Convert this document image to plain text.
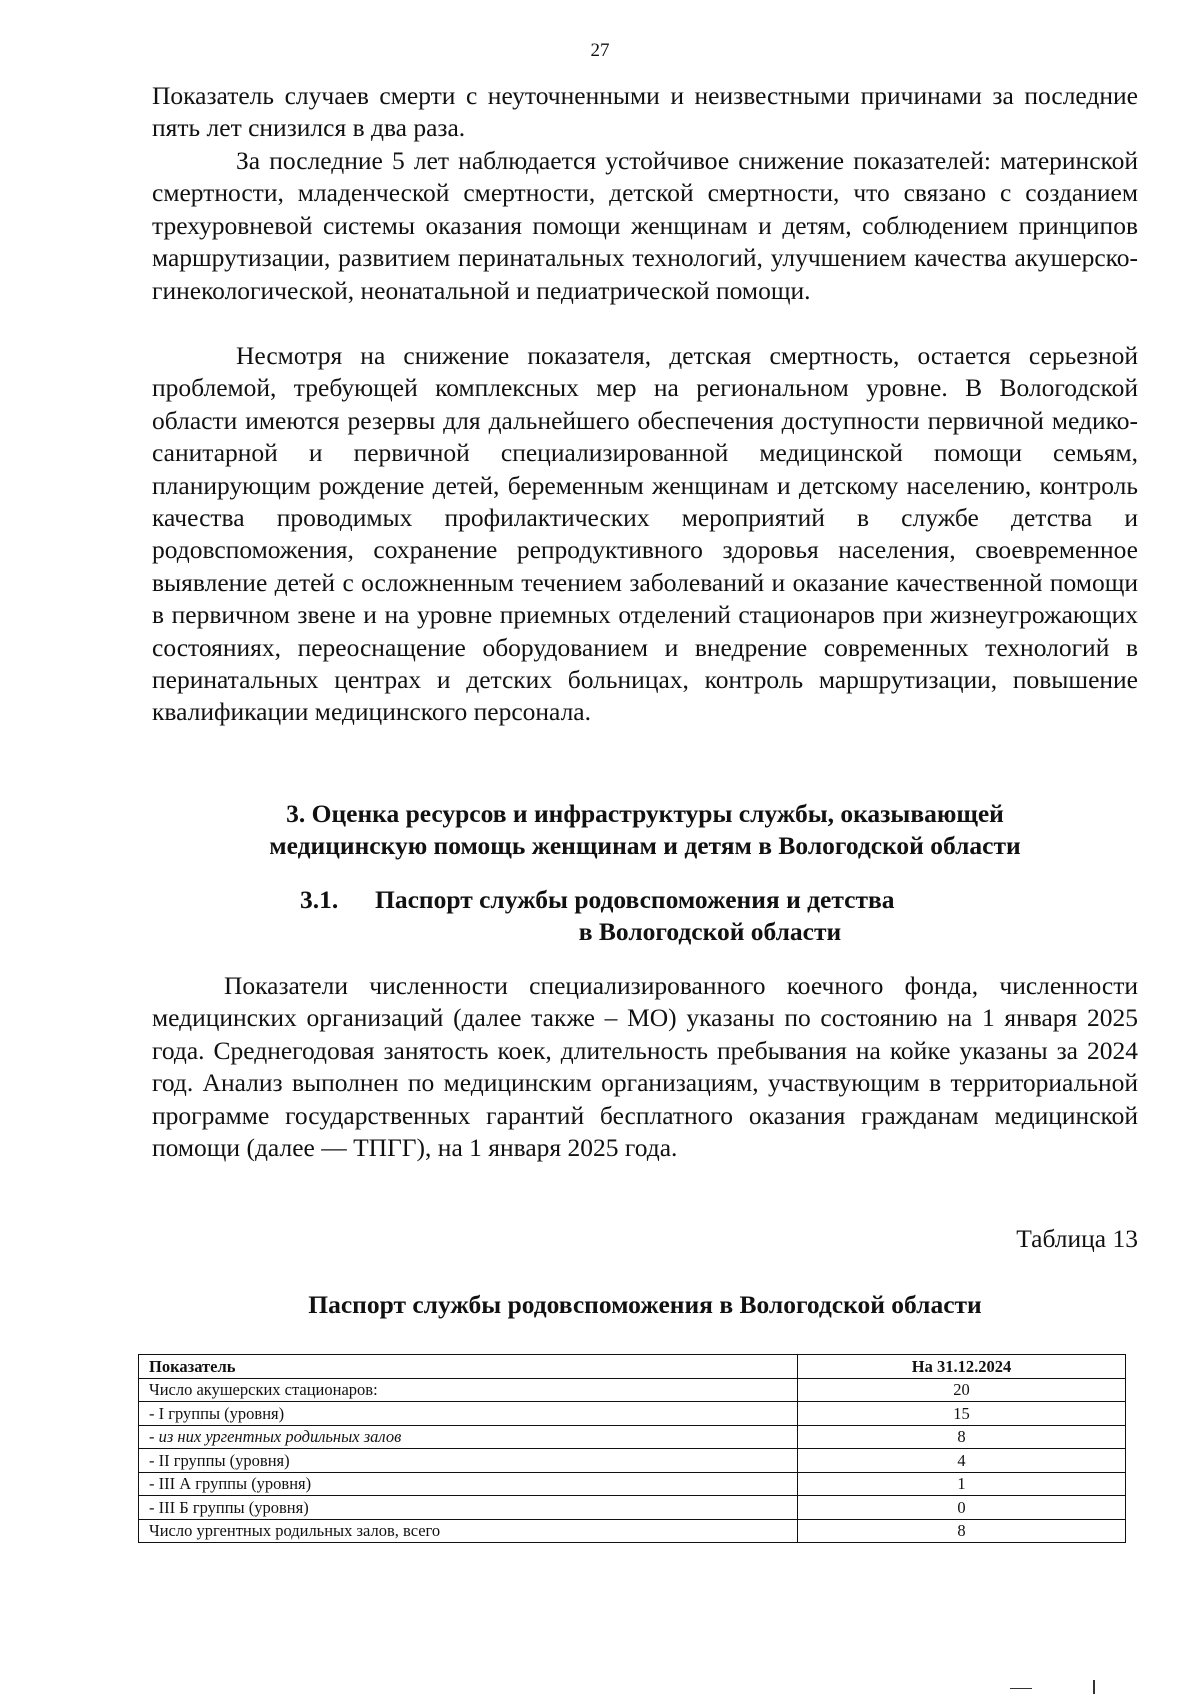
27

Показатель случаев смерти с неуточненными и неизвестными причинами за последние пять лет снизился в два раза.

За последние 5 лет наблюдается устойчивое снижение показателей: материнской смертности, младенческой смертности, детской смертности, что связано с созданием трехуровневой системы оказания помощи женщинам и детям, соблюдением принципов маршрутизации, развитием перинатальных технологий, улучшением качества акушерско-гинекологической, неонатальной и педиатрической помощи.

Несмотря на снижение показателя, детская смертность, остается серьезной проблемой, требующей комплексных мер на региональном уровне. В Вологодской области имеются резервы для дальнейшего обеспечения доступности первичной медико-санитарной и первичной специализированной медицинской помощи семьям, планирующим рождение детей, беременным женщинам и детскому населению, контроль качества проводимых профилактических мероприятий в службе детства и родовспоможения, сохранение репродуктивного здоровья населения, своевременное выявление детей с осложненным течением заболеваний и оказание качественной помощи в первичном звене и на уровне приемных отделений стационаров при жизнеугрожающих состояниях, переоснащение оборудованием и внедрение современных технологий в перинатальных центрах и детских больницах, контроль маршрутизации, повышение квалификации медицинского персонала.

3. Оценка ресурсов и инфраструктуры службы, оказывающей
медицинскую помощь женщинам и детям в Вологодской области
3.1. Паспорт службы родовспоможения и детства
в Вологодской области

Показатели численности специализированного коечного фонда, численности медицинских организаций (далее также – МО) указаны по состоянию на 1 января 2025 года. Среднегодовая занятость коек, длительность пребывания на койке указаны за 2024 год. Анализ выполнен по медицинским организациям, участвующим в территориальной программе государственных гарантий бесплатного оказания гражданам медицинской помощи (далее — ТПГГ), на 1 января 2025 года.

Таблица 13
Паспорт службы родовспоможения в Вологодской области
Показатель	На 31.12.2024
Число акушерских стационаров:	20
- I группы (уровня)	15
- из них ургентных родильных залов	8
- II группы (уровня)	4
- III А группы (уровня)	1
- III Б группы (уровня)	0
Число ургентных родильных залов, всего	8
